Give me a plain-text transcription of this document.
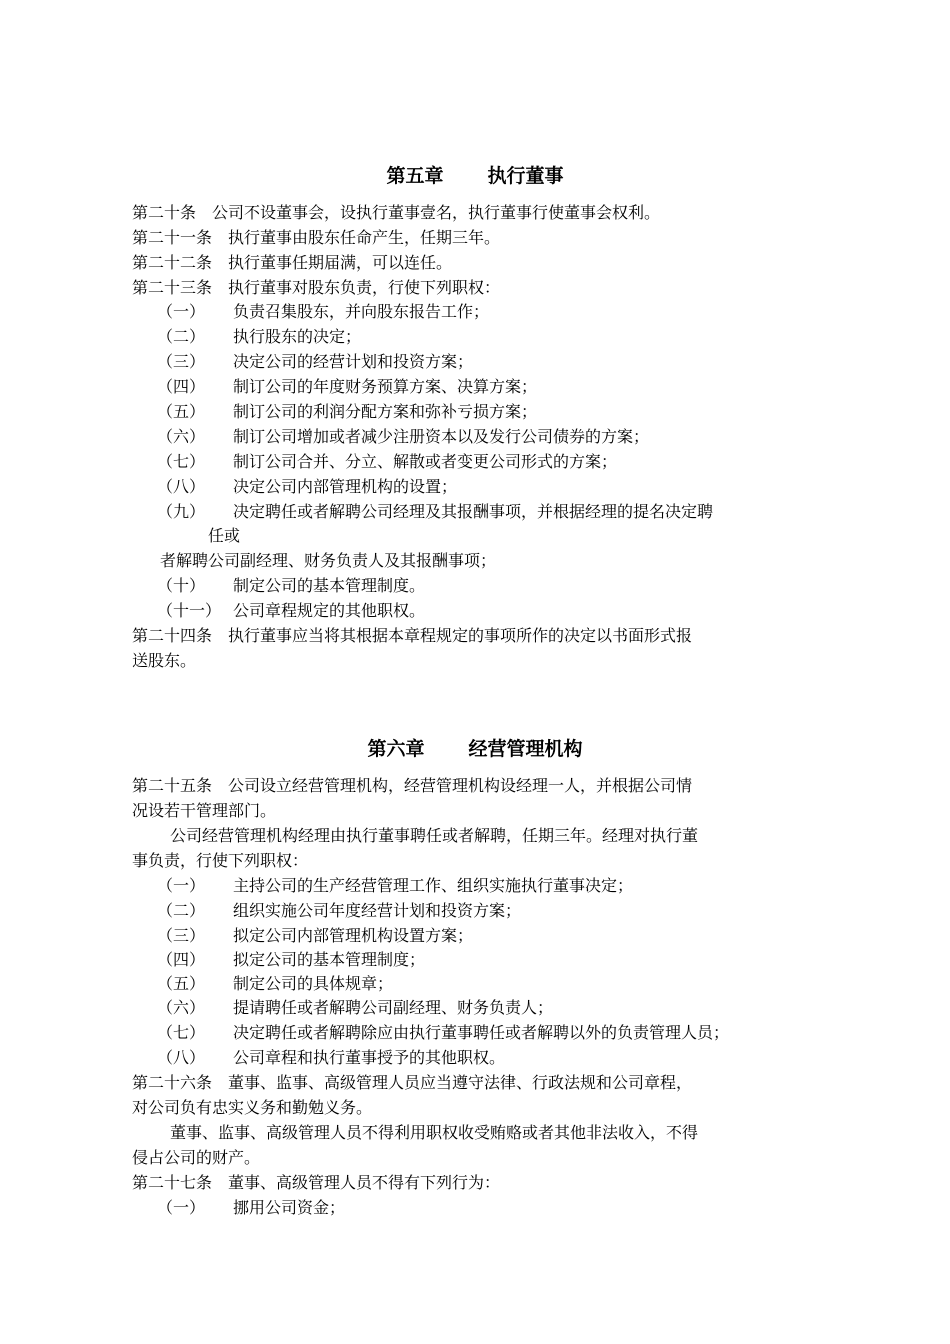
第五章 执行董事
第二十条 公司不设董事会，设执行董事壹名，执行董事行使董事会权利。
第二十一条 执行董事由股东任命产生，任期三年。
第二十二条 执行董事任期届满，可以连任。
第二十三条 执行董事对股东负责，行使下列职权：
（一） 负责召集股东，并向股东报告工作；
（二） 执行股东的决定；
（三） 决定公司的经营计划和投资方案；
（四） 制订公司的年度财务预算方案、决算方案；
（五） 制订公司的利润分配方案和弥补亏损方案；
（六） 制订公司增加或者减少注册资本以及发行公司债券的方案；
（七） 制订公司合并、分立、解散或者变更公司形式的方案；
（八） 决定公司内部管理机构的设置；
（九） 决定聘任或者解聘公司经理及其报酬事项，并根据经理的提名决定聘
任或
者解聘公司副经理、财务负责人及其报酬事项；
（十） 制定公司的基本管理制度。
（十一） 公司章程规定的其他职权。
第二十四条 执行董事应当将其根据本章程规定的事项所作的决定以书面形式报
送股东。
第六章 经营管理机构
第二十五条 公司设立经营管理机构，经营管理机构设经理一人，并根据公司情
况设若干管理部门。
公司经营管理机构经理由执行董事聘任或者解聘，任期三年。经理对执行董
事负责，行使下列职权：
（一） 主持公司的生产经营管理工作、组织实施执行董事决定；
（二） 组织实施公司年度经营计划和投资方案；
（三） 拟定公司内部管理机构设置方案；
（四） 拟定公司的基本管理制度；
（五） 制定公司的具体规章；
（六） 提请聘任或者解聘公司副经理、财务负责人；
（七） 决定聘任或者解聘除应由执行董事聘任或者解聘以外的负责管理人员；
（八） 公司章程和执行董事授予的其他职权。
第二十六条 董事、监事、高级管理人员应当遵守法律、行政法规和公司章程，
对公司负有忠实义务和勤勉义务。
董事、监事、高级管理人员不得利用职权收受贿赂或者其他非法收入，不得
侵占公司的财产。
第二十七条 董事、高级管理人员不得有下列行为：
（一） 挪用公司资金；
